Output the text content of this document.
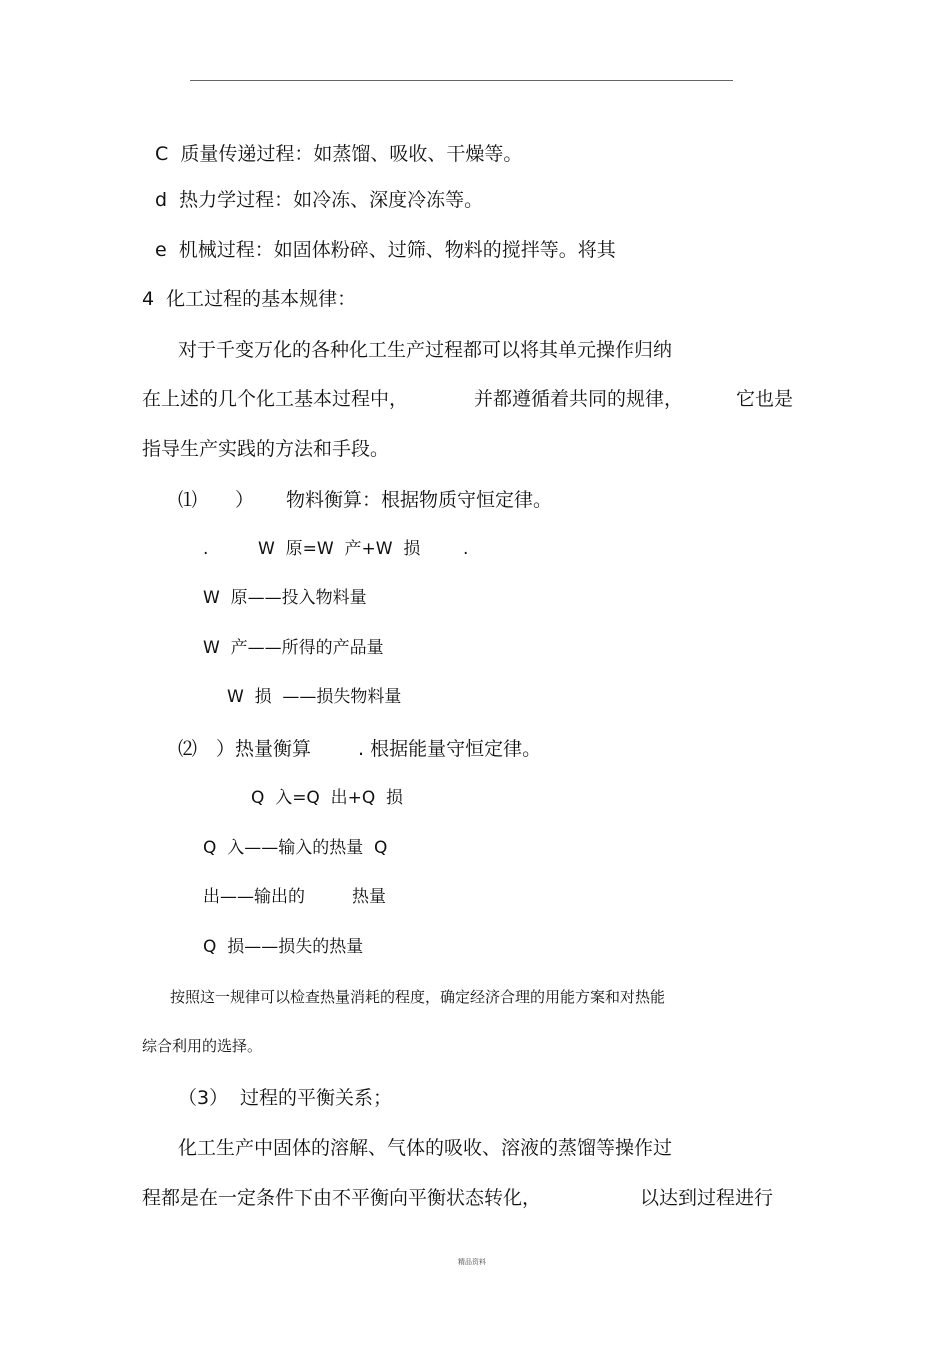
C  质量传递过程：如蒸馏、吸收、干燥等。
d  热力学过程：如冷冻、深度冷冻等。
e  机械过程：如固体粉碎、过筛、物料的搅拌等。将其
4  化工过程的基本规律：
对于千变万化的各种化工生产过程都可以将其单元操作归纳
在上述的几个化工基本过程中，	并都遵循着共同的规律，	它也是
指导生产实践的方法和手段。
⑴　　） 物料衡算：根据物质守恒定律。
.	W  原=W  产+W  损	.
W  原——投入物料量
W  产——所得的产品量
W  损  ——损失物料量
⑵　）热量衡算 . 根据能量守恒定律。
Q  入=Q  出+Q  损
Q  入——输入的热量  Q
出——输出的	热量
Q  损——损失的热量
按照这一规律可以检查热量消耗的程度，确定经济合理的用能方案和对热能
综合利用的选择。
（3） 过程的平衡关系；
化工生产中固体的溶解、气体的吸收、溶液的蒸馏等操作过
程都是在一定条件下由不平衡向平衡状态转化，	以达到过程进行
精品资料
